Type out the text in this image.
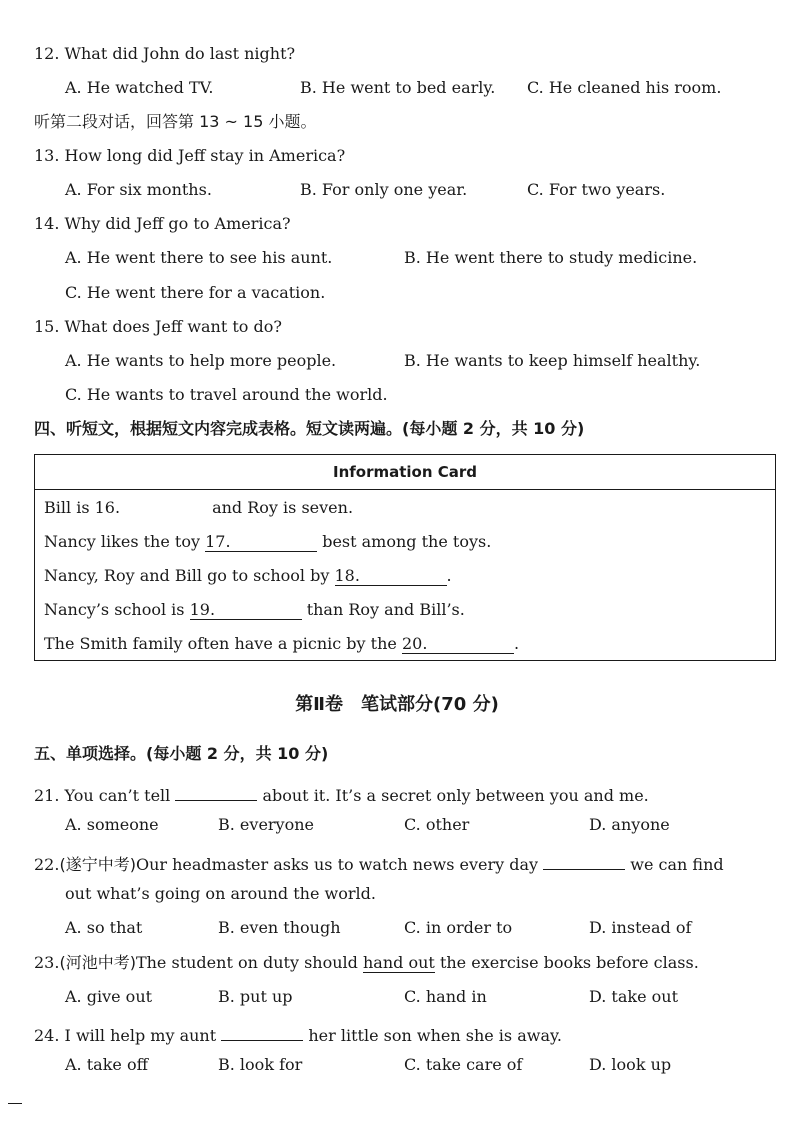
12. What did John do last night?
A. He watched TV.	B. He went to bed early. C. He cleaned his room.
听第二段对话，回答第 13 ~ 15 小题。
13. How long did Jeff stay in America?
A. For six months.	B. For only one year.	C. For two years.
14. Why did Jeff go to America?
A. He went there to see his aunt.	B. He went there to study medicine.
C. He went there for a vacation.
15. What does Jeff want to do?
A. He wants to help more people.	B. He wants to keep himself healthy.
C. He wants to travel around the world.
四、听短文，根据短文内容完成表格。短文读两遍。(每小题 2 分，共 10 分)
Information Card
Bill is 16.	and Roy is seven.
Nancy likes the toy 17.	best among the toys.
Nancy, Roy and Bill go to school by 18.	.
Nancy’s school is 19.	than Roy and Bill’s.
The Smith family often have a picnic by the 20.	.
第Ⅱ卷　笔试部分(70 分)
五、单项选择。(每小题 2 分，共 10 分)
21. You can’t tell	about it. It’s a secret only between you and me.
A. someone	B. everyone	C. other	D. anyone
22.(遂宁中考)Our headmaster asks us to watch news every day	we can find
out what’s going on around the world.
A. so that	B. even though	C. in order to	D. instead of
23.(河池中考)The student on duty should hand out the exercise books before class.
A. give out	B. put up	C. hand in	D. take out
24. I will help my aunt	her little son when she is away.
A. take off	B. look for	C. take care of	D. look up
